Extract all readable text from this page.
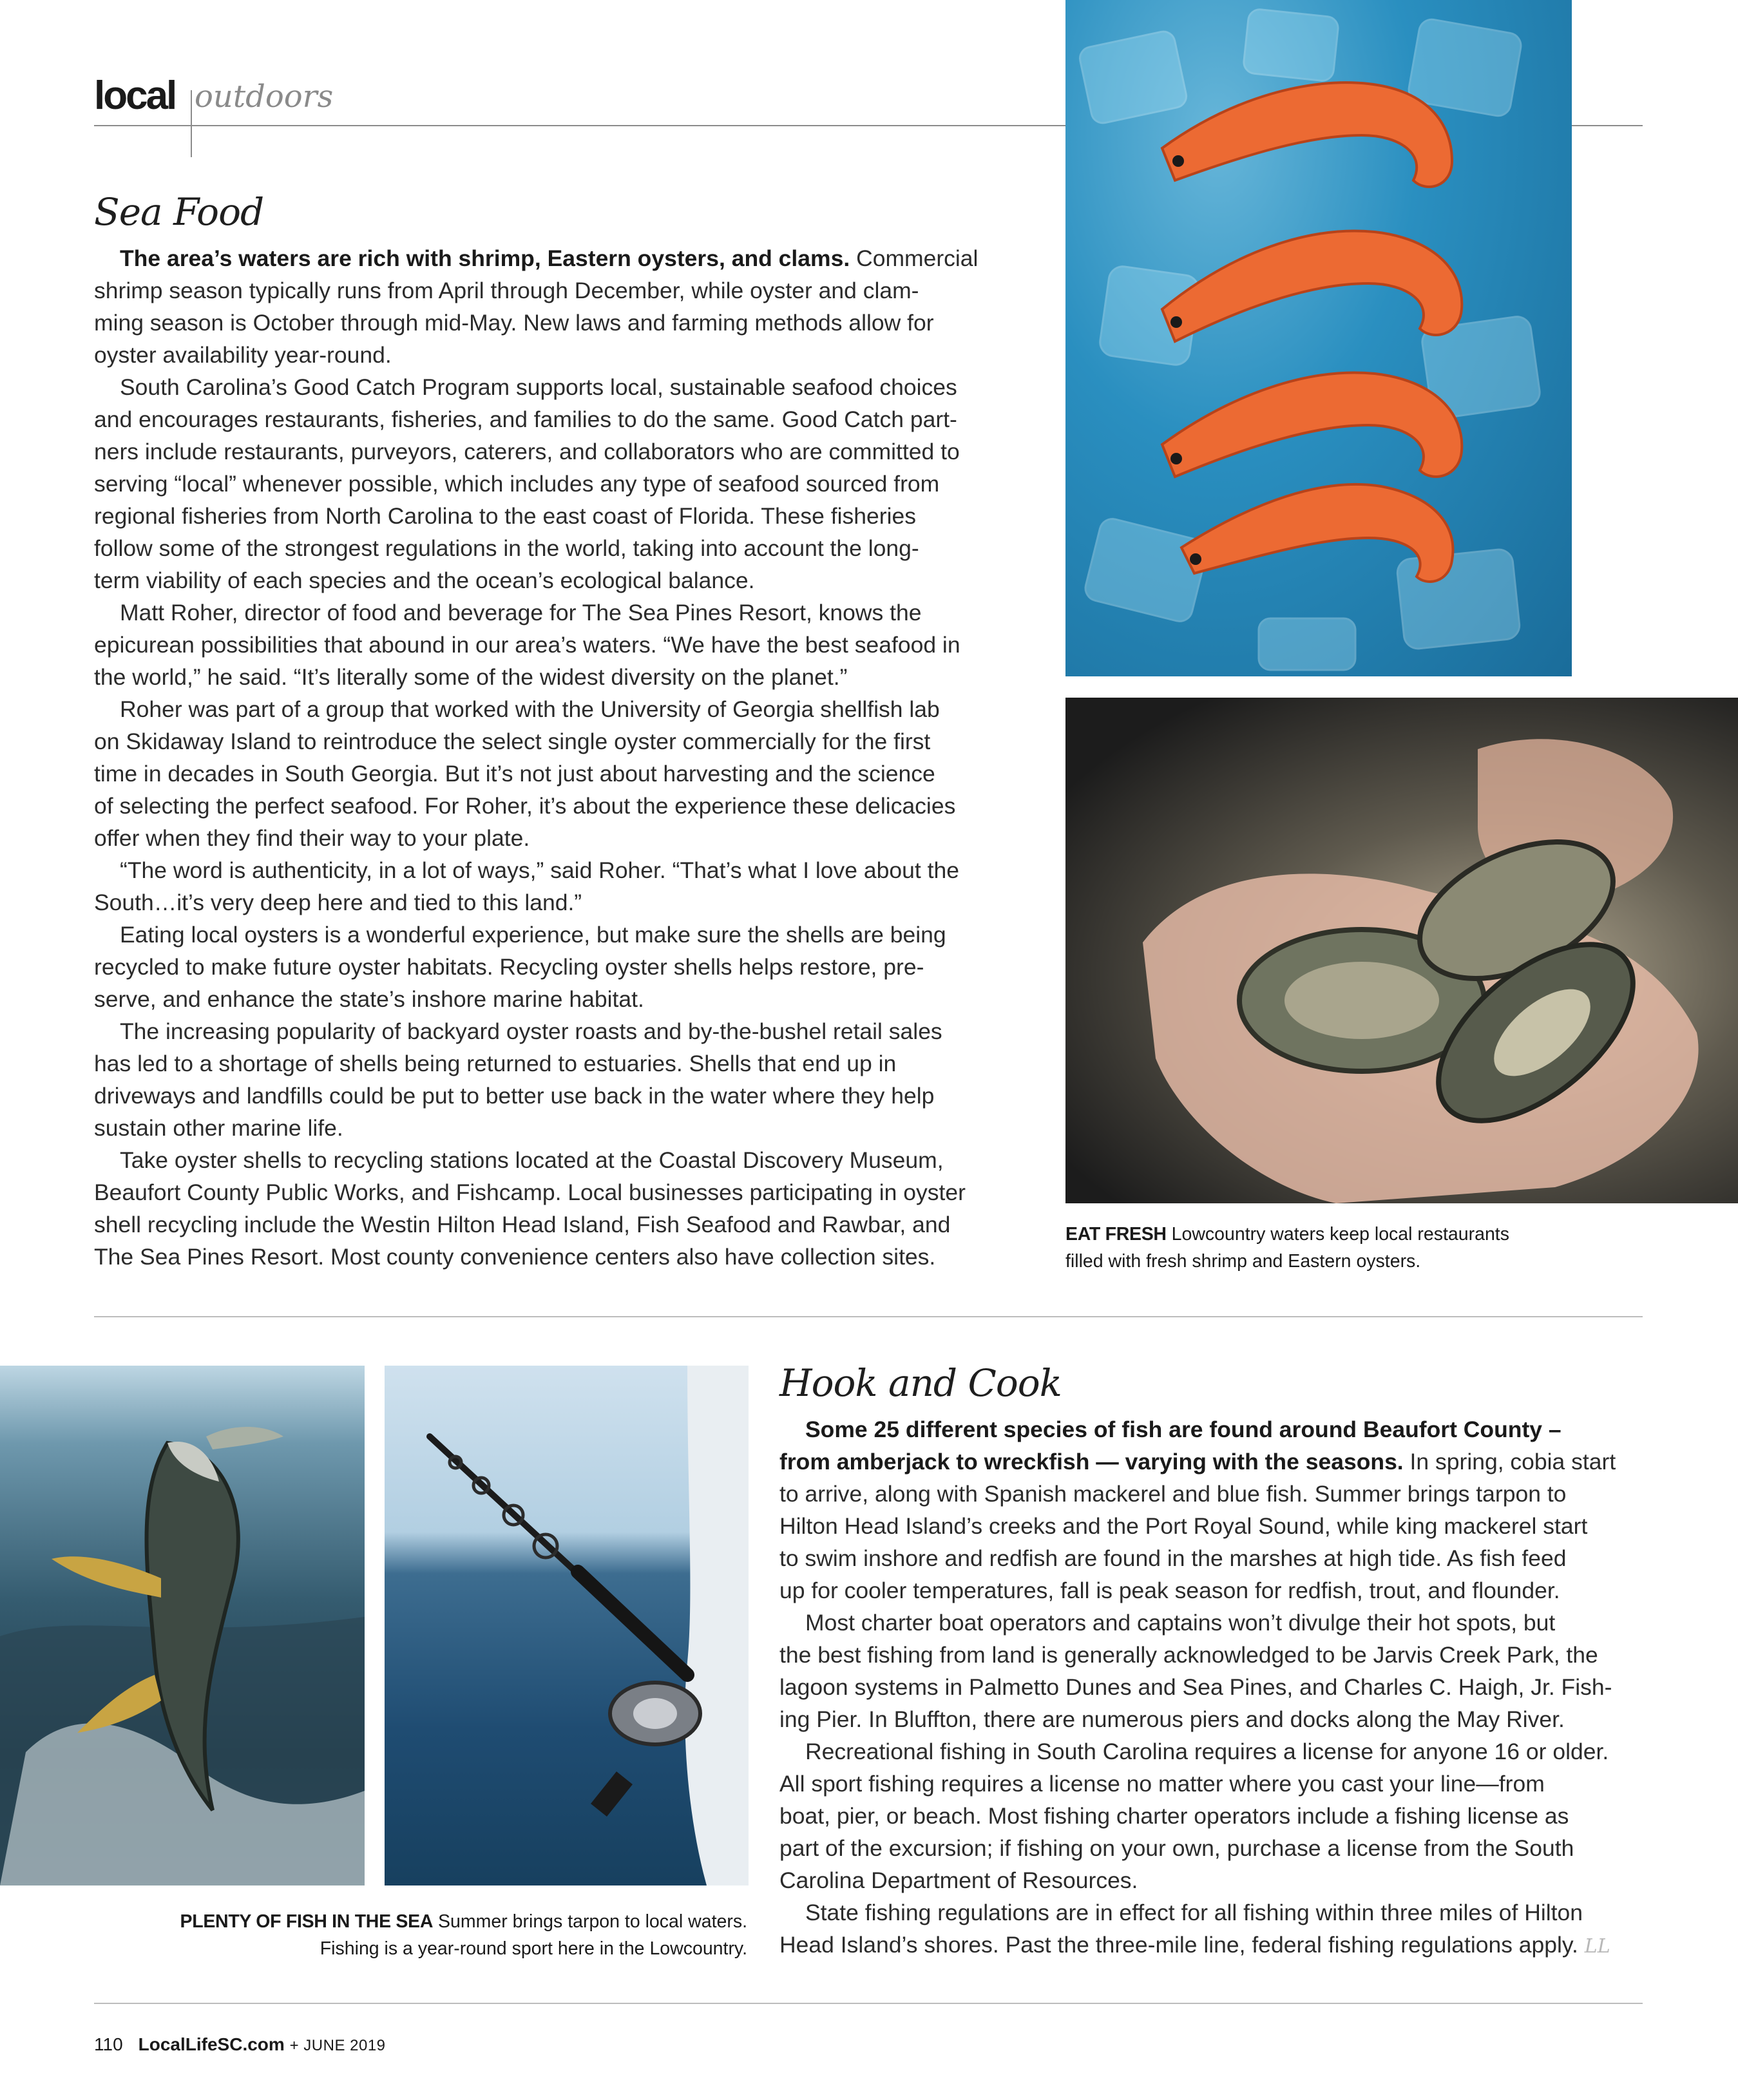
local outdoors
Sea Food
The area’s waters are rich with shrimp, Eastern oysters, and clams. Commercial
shrimp season typically runs from April through December, while oyster and clam-
ming season is October through mid-May. New laws and farming methods allow for
oyster availability year-round.
South Carolina’s Good Catch Program supports local, sustainable seafood choices
and encourages restaurants, fisheries, and families to do the same. Good Catch part-
ners include restaurants, purveyors, caterers, and collaborators who are committed to
serving “local” whenever possible, which includes any type of seafood sourced from
regional fisheries from North Carolina to the east coast of Florida. These fisheries
follow some of the strongest regulations in the world, taking into account the long-
term viability of each species and the ocean’s ecological balance.
Matt Roher, director of food and beverage for The Sea Pines Resort, knows the
epicurean possibilities that abound in our area’s waters. “We have the best seafood in
the world,” he said. “It’s literally some of the widest diversity on the planet.”
Roher was part of a group that worked with the University of Georgia shellfish lab
on Skidaway Island to reintroduce the select single oyster commercially for the first
time in decades in South Georgia. But it’s not just about harvesting and the science
of selecting the perfect seafood. For Roher, it’s about the experience these delicacies
offer when they find their way to your plate.
“The word is authenticity, in a lot of ways,” said Roher. “That’s what I love about the
South…it’s very deep here and tied to this land.”
Eating local oysters is a wonderful experience, but make sure the shells are being
recycled to make future oyster habitats. Recycling oyster shells helps restore, pre-
serve, and enhance the state’s inshore marine habitat.
The increasing popularity of backyard oyster roasts and by-the-bushel retail sales
has led to a shortage of shells being returned to estuaries. Shells that end up in
driveways and landfills could be put to better use back in the water where they help
sustain other marine life.
Take oyster shells to recycling stations located at the Coastal Discovery Museum,
Beaufort County Public Works, and Fishcamp. Local businesses participating in oyster
shell recycling include the Westin Hilton Head Island, Fish Seafood and Rawbar, and
The Sea Pines Resort. Most county convenience centers also have collection sites.
EAT FRESH Lowcountry waters keep local restaurants
filled with fresh shrimp and Eastern oysters.
PLENTY OF FISH IN THE SEA Summer brings tarpon to local waters.
Fishing is a year-round sport here in the Lowcountry.
Hook and Cook
Some 25 different species of fish are found around Beaufort County –
from amberjack to wreckfish — varying with the seasons. In spring, cobia start
to arrive, along with Spanish mackerel and blue fish. Summer brings tarpon to
Hilton Head Island’s creeks and the Port Royal Sound, while king mackerel start
to swim inshore and redfish are found in the marshes at high tide. As fish feed
up for cooler temperatures, fall is peak season for redfish, trout, and flounder.
Most charter boat operators and captains won’t divulge their hot spots, but
the best fishing from land is generally acknowledged to be Jarvis Creek Park, the
lagoon systems in Palmetto Dunes and Sea Pines, and Charles C. Haigh, Jr. Fish-
ing Pier. In Bluffton, there are numerous piers and docks along the May River.
Recreational fishing in South Carolina requires a license for anyone 16 or older.
All sport fishing requires a license no matter where you cast your line—from
boat, pier, or beach. Most fishing charter operators include a fishing license as
part of the excursion; if fishing on your own, purchase a license from the South
Carolina Department of Resources.
State fishing regulations are in effect for all fishing within three miles of Hilton
Head Island’s shores. Past the three-mile line, federal fishing regulations apply. LL
110 LocalLifeSC.com + JUNE 2019
